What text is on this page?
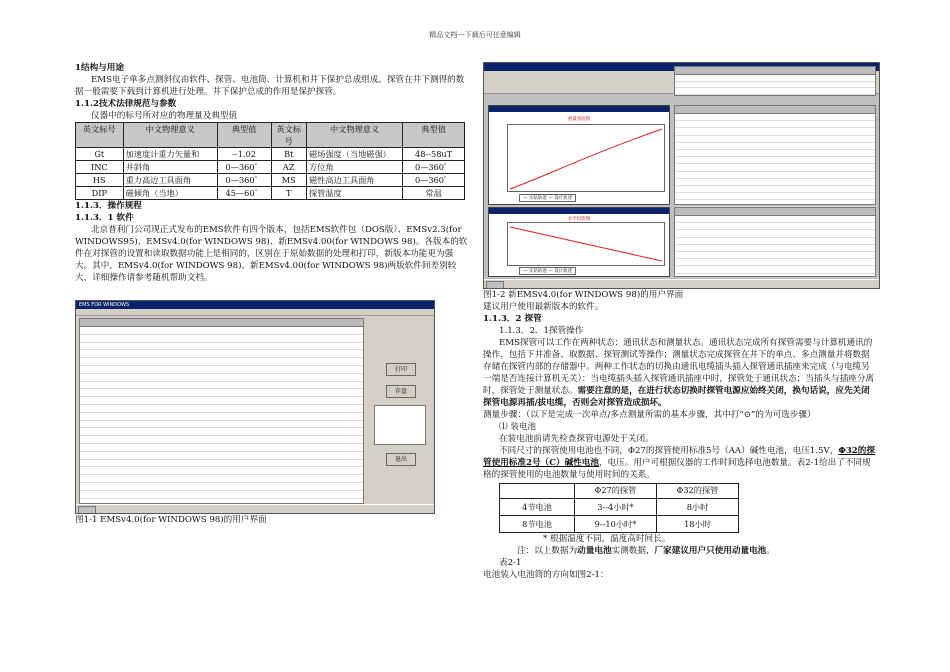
精品文档---下载后可任意编辑
1结构与用途
EMS电子单多点测斜仪由软件、探管、电池筒、计算机和井下保护总成组成。探管在井下测得的数据一般需要下载到计算机进行处理。井下保护总成的作用是保护探管。
1.1.2技术法律规范与参数
仪器中的标号所对应的物理量及典型值
英文标号	中文物理意义	典型值	英文标号	中文物理意义	典型值
Gt	加速度计重力矢量和	--1.02	Bt	磁场强度（当地磁强）	48--58uT
INC	井斜角	0—360゜	AZ	方位角	0—360゜
HS	重力高边工具面角	0—360゜	MS	磁性高边工具面角	0—360゜
DIP	磁倾角（当地）	45—60゜	T	探管温度	常温
1.1.3．操作规程
1.1.3．1 软件
北京普利门公司现正式发布的EMS软件有四个版本，包括EMS软件包（DOS版）、EMSv2.3(for WINDOWS95)、EMSv4.0(for WINDOWS 98)、新EMSv4.00(for WINDOWS 98)。各版本的软件在对探管的设置和读取数据功能上是相同的，区别在于原始数据的处理和打印，新版本功能更为强大。其中，EMSv4.0(for WINDOWS 98)、新EMSv4.00(for WINDOWS 98)两版软件间差别较大，详细操作请参考随机帮助文档。
EMS FOR WINDOWS
打印
存盘
退出
图1-1 EMSv4.0(for WINDOWS 98)的用户界面
重量剖面图
— 实钻轨迹 — 设计轨迹
水平投影图
— 实钻轨迹 — 设计轨迹
图1-2 新EMSv4.0(for WINDOWS 98)的用户界面
建议用户使用最新版本的软件。
1.1.3．2 探管
1.1.3．2．1探管操作
EMS探管可以工作在两种状态：通讯状态和测量状态。通讯状态完成所有探管需要与计算机通讯的操作，包括下井准备、取数据、探管测试等操作；测量状态完成探管在井下的单点、多点测量并将数据存储在探管内部的存储器中。两种工作状态的切换由通讯电缆插头插入探管通讯插座来完成（与电缆另一端是否连接计算机无关）：当电缆插头插入探管通讯插座中时，探管处于通讯状态；当插头与插座分离时，探管处于测量状态。需要注意的是，在进行状态切换时探管电源应始终关闭，换句话说，应先关闭探管电源再插/拔电缆，否则会对探管造成损坏。
测量步骤：（以下是完成一次单点/多点测量所需的基本步骤，其中打“⊙”的为可选步骤）
⑴ 装电池
在装电池前请先检查探管电源处于关闭。
不同尺寸的探管使用电池也不同，Φ27的探管使用标准5号（AA）碱性电池，电压1.5V，Φ32的探管使用标准2号（C）碱性电池，电压。用户可根据仪器的工作时间选择电池数量。表2-1给出了不同规格的探管使用的电池数量与使用时间的关系。
	Φ27的探管	Φ32的探管
4节电池	3--4小时*	8小时
8节电池	9--10小时*	18小时
* 根据温度不同，温度高时间长。
注：以上数据为动量电池实测数据，厂家建议用户只使用动量电池。
表2-1
电池装入电池筒的方向如图2-1：
